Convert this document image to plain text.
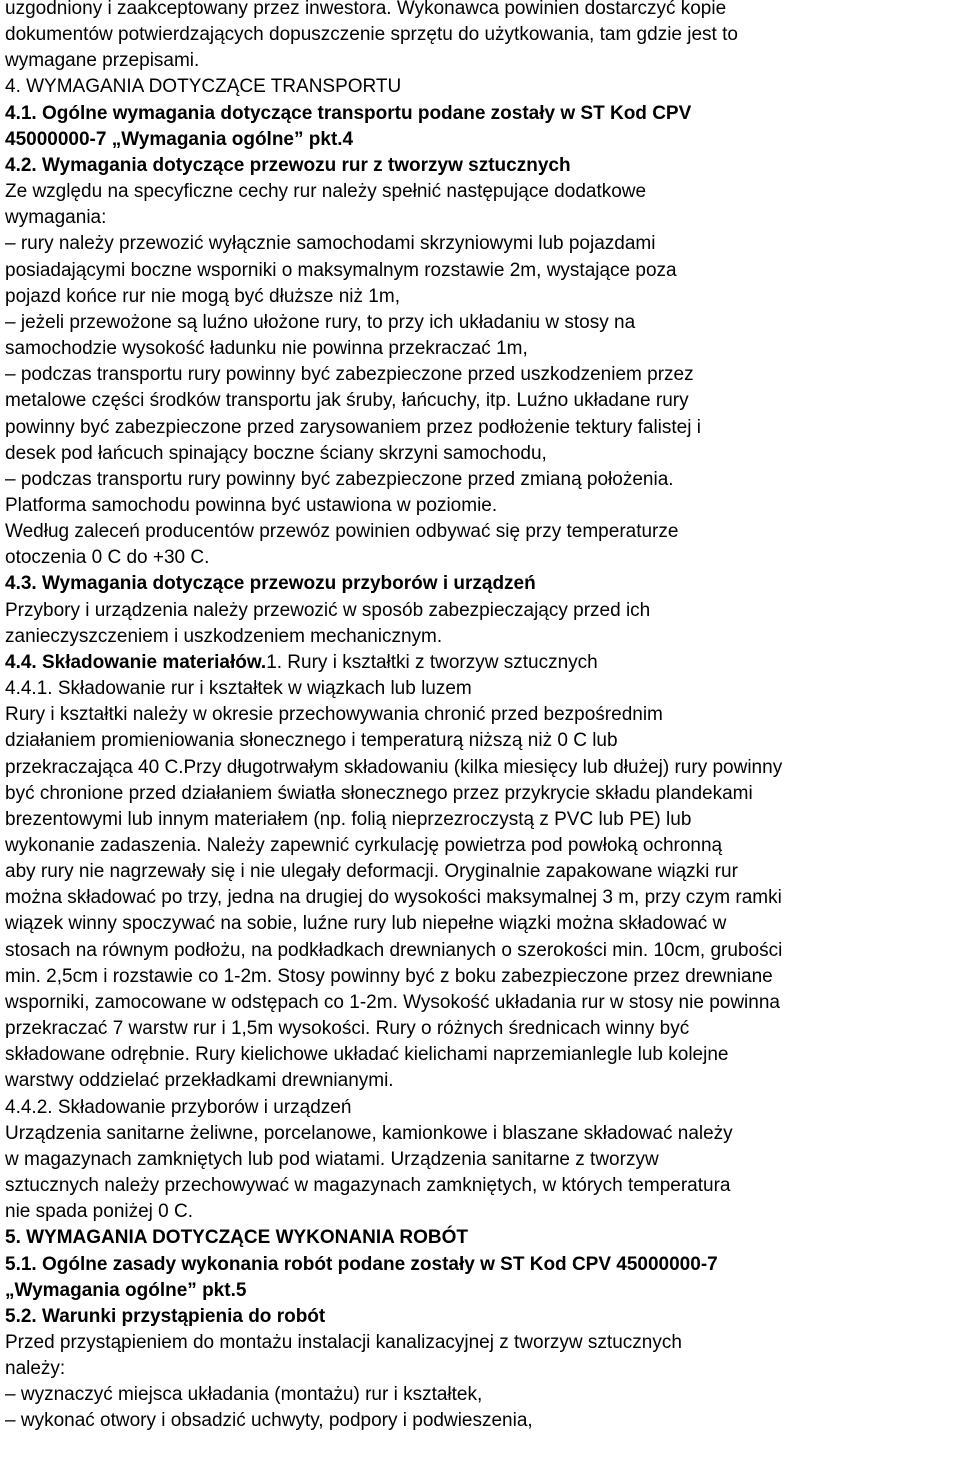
uzgodniony i zaakceptowany przez inwestora. Wykonawca powinien dostarczyć kopie
dokumentów potwierdzających dopuszczenie sprzętu do użytkowania, tam gdzie jest to
wymagane przepisami.
4. WYMAGANIA DOTYCZĄCE TRANSPORTU
4.1. Ogólne wymagania dotyczące transportu podane zostały w ST Kod CPV
45000000-7 „Wymagania ogólne” pkt.4
4.2. Wymagania dotyczące przewozu rur z tworzyw sztucznych
Ze względu na specyficzne cechy rur należy spełnić następujące dodatkowe
wymagania:
– rury należy przewozić wyłącznie samochodami skrzyniowymi lub pojazdami
posiadającymi boczne wsporniki o maksymalnym rozstawie 2m, wystające poza
pojazd końce rur nie mogą być dłuższe niż 1m,
– jeżeli przewożone są luźno ułożone rury, to przy ich układaniu w stosy na
samochodzie wysokość ładunku nie powinna przekraczać 1m,
– podczas transportu rury powinny być zabezpieczone przed uszkodzeniem przez
metalowe części środków transportu jak śruby, łańcuchy, itp. Luźno układane rury
powinny być zabezpieczone przed zarysowaniem przez podłożenie tektury falistej i
desek pod łańcuch spinający boczne ściany skrzyni samochodu,
– podczas transportu rury powinny być zabezpieczone przed zmianą położenia.
Platforma samochodu powinna być ustawiona w poziomie.
Według zaleceń producentów przewóz powinien odbywać się przy temperaturze
otoczenia 0 C do +30 C.
4.3. Wymagania dotyczące przewozu przyborów i urządzeń
Przybory i urządzenia należy przewozić w sposób zabezpieczający przed ich
zanieczyszczeniem i uszkodzeniem mechanicznym.
4.4. Składowanie materiałów.1. Rury i kształtki z tworzyw sztucznych
4.4.1. Składowanie rur i kształtek w wiązkach lub luzem
Rury i kształtki należy w okresie przechowywania chronić przed bezpośrednim
działaniem promieniowania słonecznego i temperaturą niższą niż 0 C lub
przekraczająca 40 C.Przy długotrwałym składowaniu (kilka miesięcy lub dłużej) rury powinny
być chronione przed działaniem światła słonecznego przez przykrycie składu plandekami
brezentowymi lub innym materiałem (np. folią nieprzezroczystą z PVC lub PE) lub
wykonanie zadaszenia. Należy zapewnić cyrkulację powietrza pod powłoką ochronną
aby rury nie nagrzewały się i nie ulegały deformacji. Oryginalnie zapakowane wiązki rur
można składować po trzy, jedna na drugiej do wysokości maksymalnej 3 m, przy czym ramki
wiązek winny spoczywać na sobie, luźne rury lub niepełne wiązki można składować w
stosach na równym podłożu, na podkładkach drewnianych o szerokości min. 10cm, grubości
min. 2,5cm i rozstawie co 1-2m. Stosy powinny być z boku zabezpieczone przez drewniane
wsporniki, zamocowane w odstępach co 1-2m. Wysokość układania rur w stosy nie powinna
przekraczać 7 warstw rur i 1,5m wysokości. Rury o różnych średnicach winny być
składowane odrębnie. Rury kielichowe układać kielichami naprzemianlegle lub kolejne
warstwy oddzielać przekładkami drewnianymi.
4.4.2. Składowanie przyborów i urządzeń
Urządzenia sanitarne żeliwne, porcelanowe, kamionkowe i blaszane składować należy
w magazynach zamkniętych lub pod wiatami. Urządzenia sanitarne z tworzyw
sztucznych należy przechowywać w magazynach zamkniętych, w których temperatura
nie spada poniżej 0 C.
5. WYMAGANIA DOTYCZĄCE WYKONANIA ROBÓT
5.1. Ogólne zasady wykonania robót podane zostały w ST Kod CPV 45000000-7
„Wymagania ogólne” pkt.5
5.2. Warunki przystąpienia do robót
Przed przystąpieniem do montażu instalacji kanalizacyjnej z tworzyw sztucznych
należy:
– wyznaczyć miejsca układania (montażu) rur i kształtek,
– wykonać otwory i obsadzić uchwyty, podpory i podwieszenia,
